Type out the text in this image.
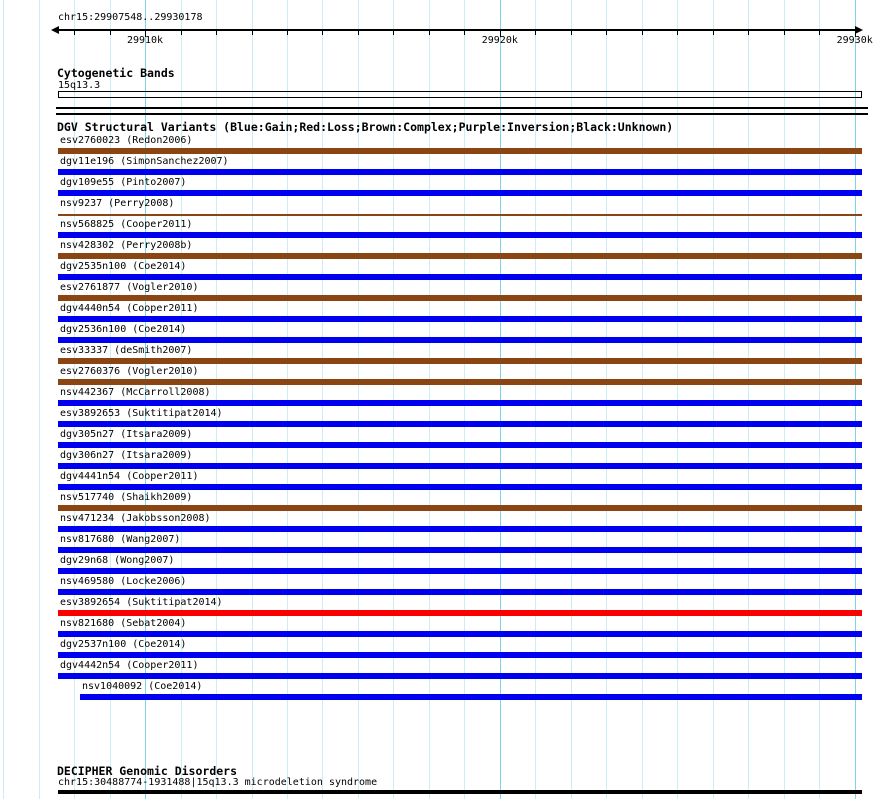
chr15:29907548..29930178
29910k	29920k	29930k
Cytogenetic Bands
15q13.3
DGV Structural Variants (Blue:Gain;Red:Loss;Brown:Complex;Purple:Inversion;Black:Unknown)
esv2760023 (Redon2006)
dgv11e196 (SimonSanchez2007)
dgv109e55 (Pinto2007)
nsv9237 (Perry2008)
nsv568825 (Cooper2011)
nsv428302 (Perry2008b)
dgv2535n100 (Coe2014)
esv2761877 (Vogler2010)
dgv4440n54 (Cooper2011)
dgv2536n100 (Coe2014)
esv33337 (deSmith2007)
esv2760376 (Vogler2010)
nsv442367 (McCarroll2008)
esv3892653 (Suktitipat2014)
dgv305n27 (Itsara2009)
dgv306n27 (Itsara2009)
dgv4441n54 (Cooper2011)
nsv517740 (Shaikh2009)
nsv471234 (Jakobsson2008)
nsv817680 (Wang2007)
dgv29n68 (Wong2007)
nsv469580 (Locke2006)
esv3892654 (Suktitipat2014)
nsv821680 (Sebat2004)
dgv2537n100 (Coe2014)
dgv4442n54 (Cooper2011)
nsv1040092 (Coe2014)
DECIPHER Genomic Disorders
chr15:30488774-1931488|15q13.3 microdeletion syndrome
